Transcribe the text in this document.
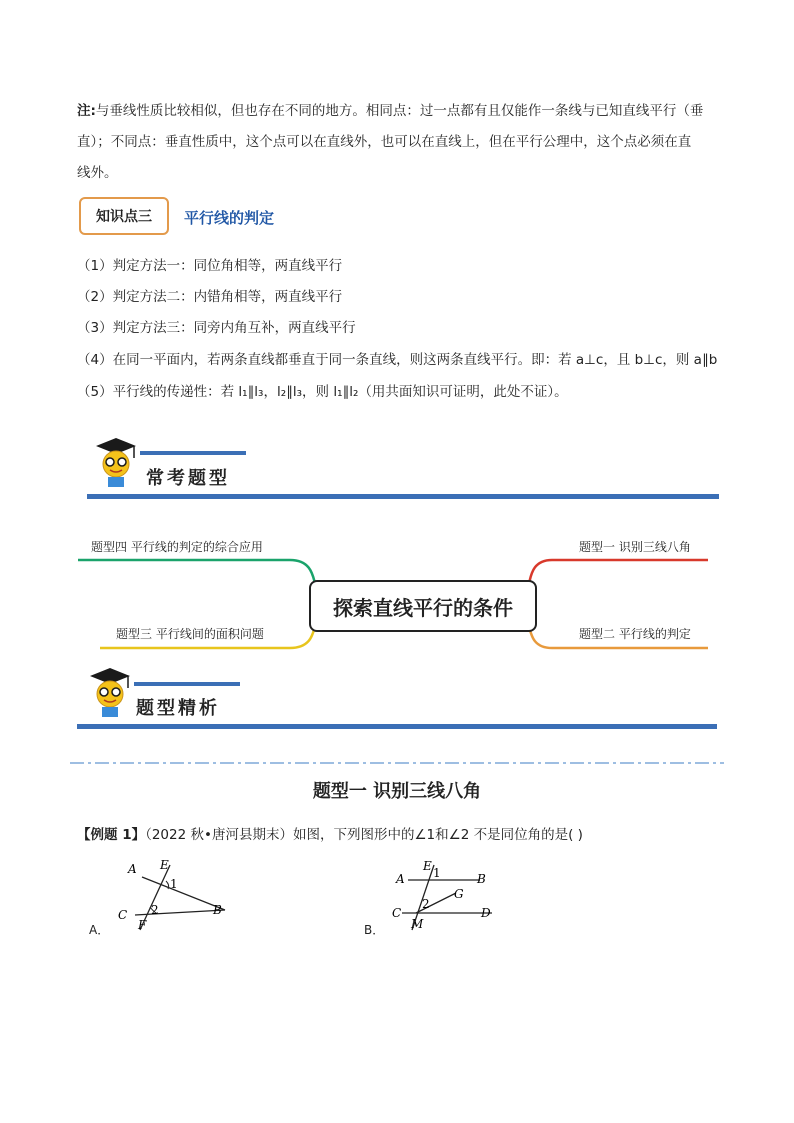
注:与垂线性质比较相似，但也存在不同的地方。相同点：过一点都有且仅能作一条线与已知直线平行（垂
直）；不同点：垂直性质中，这个点可以在直线外，也可以在直线上，但在平行公理中，这个点必须在直
线外。
知识点三	平行线的判定
（1）判定方法一：同位角相等，两直线平行
（2）判定方法二：内错角相等，两直线平行
（3）判定方法三：同旁内角互补，两直线平行
（4）在同一平面内，若两条直线都垂直于同一条直线，则这两条直线平行。即：若 a⊥c，且 b⊥c，则 a∥b
（5）平行线的传递性：若 l₁∥l₃，l₂∥l₃，则 l₁∥l₂（用共面知识可证明，此处不证）。
常考题型
题型四 平行线的判定的综合应用
题型三 平行线间的面积问题
题型一 识别三线八角
题型二 平行线的判定
探索直线平行的条件
题型精析
题型一 识别三线八角
【例题 1】（2022 秋•唐河县期末）如图，下列图形中的∠1和∠2 不是同位角的是( )
A E
1
2
C	B
F
A．
A
E 1	B
G
2
C	D
M
B．
